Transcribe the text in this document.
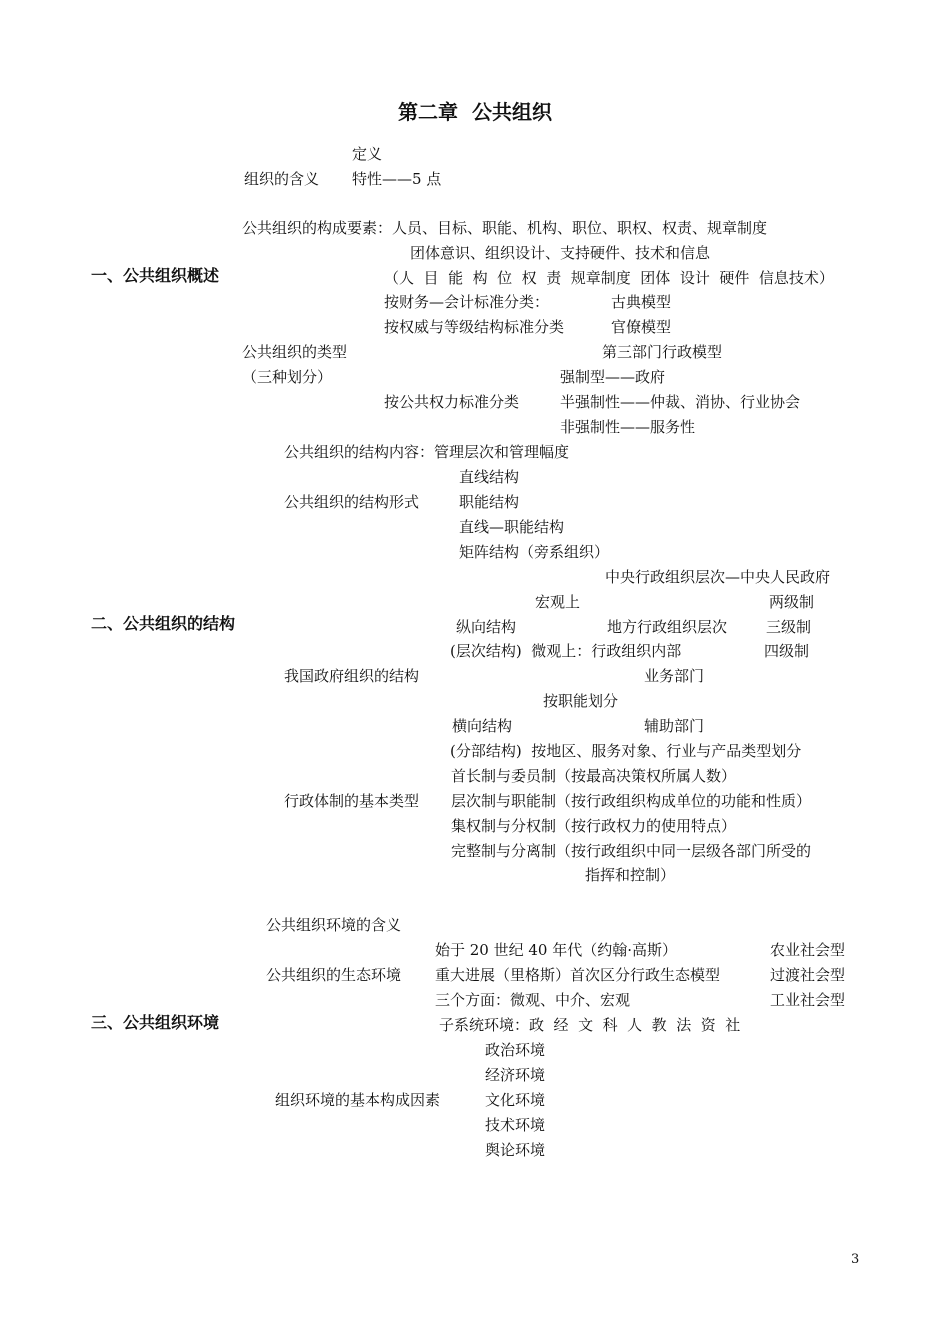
第二章  公共组织
一、公共组织概述
二、公共组织的结构
三、公共组织环境
定义
组织的含义 特性——5 点
公共组织的构成要素：人员、目标、职能、机构、职位、职权、权责、规章制度
团体意识、组织设计、支持硬件、技术和信息
（人  目  能  构  位  权  责  规章制度  团体  设计  硬件  信息技术）
按财务—会计标准分类：	古典模型
按权威与等级结构标准分类	官僚模型
公共组织的类型	第三部门行政模型
（三种划分）	强制型——政府
按公共权力标准分类	半强制性——仲裁、消协、行业协会
非强制性——服务性
公共组织的结构内容：管理层次和管理幅度
直线结构
公共组织的结构形式	职能结构
直线—职能结构
矩阵结构（旁系组织）
中央行政组织层次—中央人民政府
宏观上	两级制
纵向结构	地方行政组织层次	三级制
(层次结构)  微观上：行政组织内部	四级制
我国政府组织的结构	业务部门
按职能划分
横向结构	辅助部门
(分部结构)  按地区、服务对象、行业与产品类型划分
首长制与委员制（按最高决策权所属人数）
行政体制的基本类型 层次制与职能制（按行政组织构成单位的功能和性质）
集权制与分权制（按行政权力的使用特点）
完整制与分离制（按行政组织中同一层级各部门所受的
指挥和控制）
公共组织环境的含义
始于 20 世纪 40 年代（约翰·高斯）	农业社会型
公共组织的生态环境 重大进展（里格斯）首次区分行政生态模型	过渡社会型
三个方面：微观、中介、宏观	工业社会型
子系统环境：政  经  文  科  人  教  法  资  社
政治环境
经济环境
组织环境的基本构成因素	文化环境
技术环境
舆论环境
3
